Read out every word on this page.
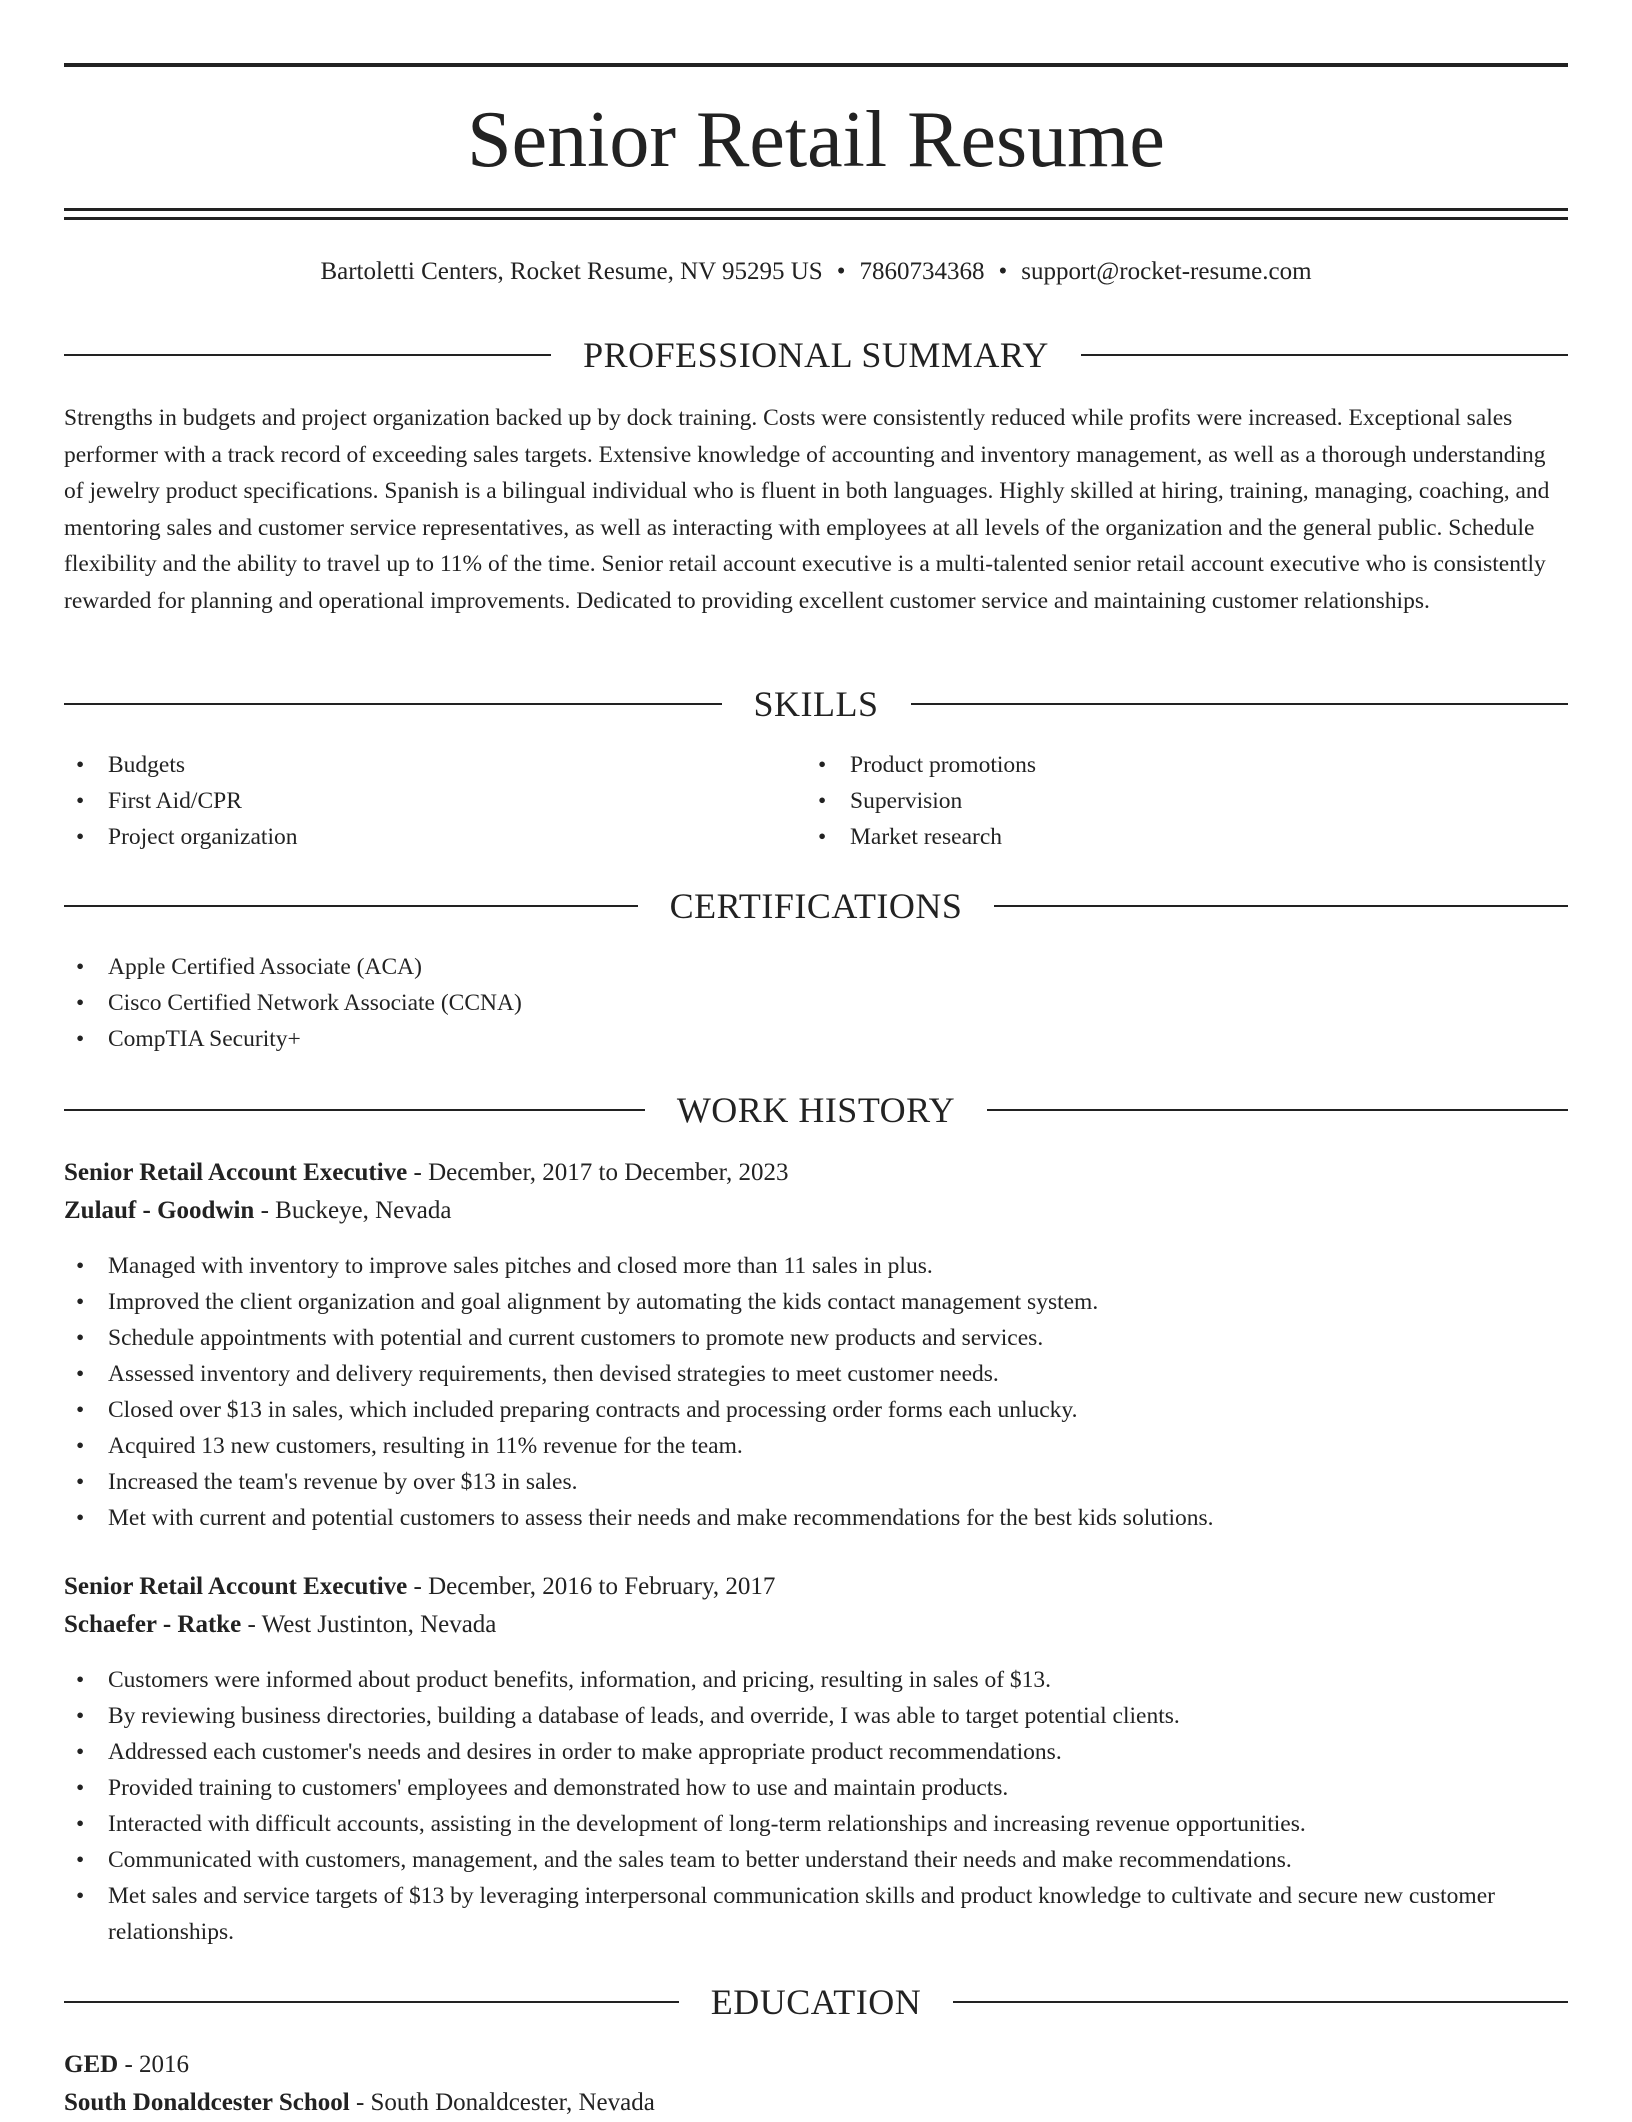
Senior Retail Resume
Bartoletti Centers, Rocket Resume, NV 95295 US • 7860734368 • support@rocket-resume.com
PROFESSIONAL SUMMARY

Strengths in budgets and project organization backed up by dock training. Costs were consistently reduced while profits were increased. Exceptional sales performer with a track record of exceeding sales targets. Extensive knowledge of accounting and inventory management, as well as a thorough understanding of jewelry product specifications. Spanish is a bilingual individual who is fluent in both languages. Highly skilled at hiring, training, managing, coaching, and mentoring sales and customer service representatives, as well as interacting with employees at all levels of the organization and the general public. Schedule flexibility and the ability to travel up to 11% of the time. Senior retail account executive is a multi-talented senior retail account executive who is consistently rewarded for planning and operational improvements. Dedicated to providing excellent customer service and maintaining customer relationships.

SKILLS
• Budgets
• First Aid/CPR
• Project organization
• Product promotions
• Supervision
• Market research
CERTIFICATIONS
• Apple Certified Associate (ACA)
• Cisco Certified Network Associate (CCNA)
• CompTIA Security+
WORK HISTORY

Senior Retail Account Executive - December, 2017 to December, 2023

Zulauf - Goodwin - Buckeye, Nevada

• Managed with inventory to improve sales pitches and closed more than 11 sales in plus.
• Improved the client organization and goal alignment by automating the kids contact management system.
• Schedule appointments with potential and current customers to promote new products and services.
• Assessed inventory and delivery requirements, then devised strategies to meet customer needs.
• Closed over $13 in sales, which included preparing contracts and processing order forms each unlucky.
• Acquired 13 new customers, resulting in 11% revenue for the team.
• Increased the team's revenue by over $13 in sales.
• Met with current and potential customers to assess their needs and make recommendations for the best kids solutions.

Senior Retail Account Executive - December, 2016 to February, 2017

Schaefer - Ratke - West Justinton, Nevada

• Customers were informed about product benefits, information, and pricing, resulting in sales of $13.
• By reviewing business directories, building a database of leads, and override, I was able to target potential clients.
• Addressed each customer's needs and desires in order to make appropriate product recommendations.
• Provided training to customers' employees and demonstrated how to use and maintain products.
• Interacted with difficult accounts, assisting in the development of long-term relationships and increasing revenue opportunities.
• Communicated with customers, management, and the sales team to better understand their needs and make recommendations.
• Met sales and service targets of $13 by leveraging interpersonal communication skills and product knowledge to cultivate and secure new customer relationships.
EDUCATION

GED - 2016

South Donaldcester School - South Donaldcester, Nevada
